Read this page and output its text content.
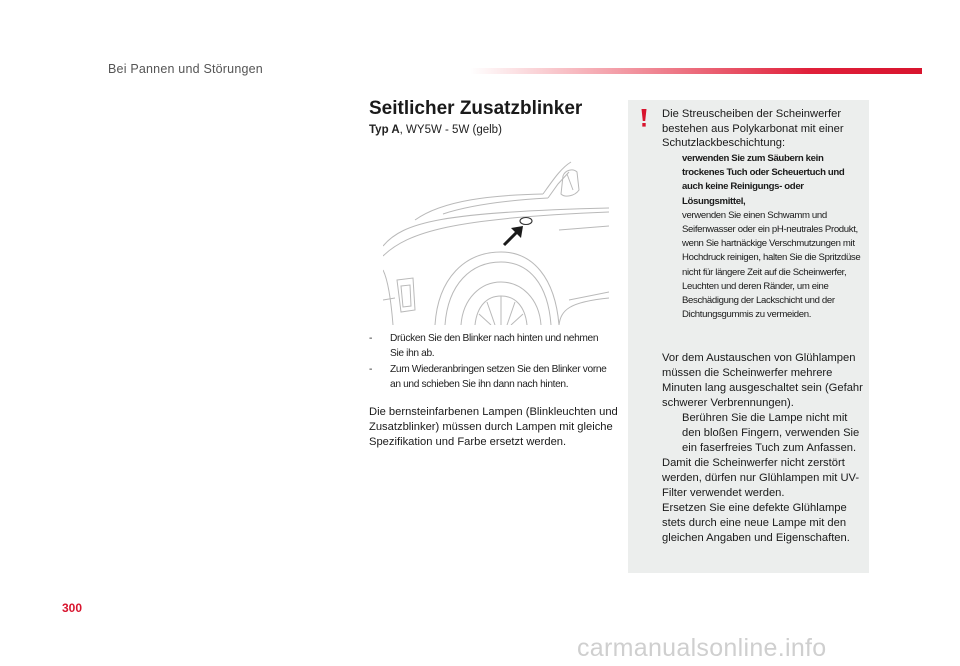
Bei Pannen und Störungen
Seitlicher Zusatzblinker
Typ A, WY5W - 5W (gelb)
- Drücken Sie den Blinker nach hinten und nehmen Sie ihn ab.
- Zum Wiederanbringen setzen Sie den Blinker vorne an und schieben Sie ihn dann nach hinten.
Die bernsteinfarbenen Lampen (Blinkleuchten und Zusatzblinker) müssen durch Lampen mit gleiche Spezifikation und Farbe ersetzt werden.
Die Streuscheiben der Scheinwerfer bestehen aus Polykarbonat mit einer Schutzlackbeschichtung:
verwenden Sie zum Säubern kein trockenes Tuch oder Scheuertuch und auch keine Reinigungs- oder Lösungsmittel,
verwenden Sie einen Schwamm und Seifenwasser oder ein pH-neutrales Produkt,
wenn Sie hartnäckige Verschmutzungen mit Hochdruck reinigen, halten Sie die Spritzdüse nicht für längere Zeit auf die Scheinwerfer, Leuchten und deren Ränder, um eine Beschädigung der Lackschicht und der Dichtungsgummis zu vermeiden.

Vor dem Austauschen von Glühlampen müssen die Scheinwerfer mehrere Minuten lang ausgeschaltet sein (Gefahr schwerer Verbrennungen).

Berühren Sie die Lampe nicht mit den bloßen Fingern, verwenden Sie ein faserfreies Tuch zum Anfassen.

Damit die Scheinwerfer nicht zerstört werden, dürfen nur Glühlampen mit UV-Filter verwendet werden.

Ersetzen Sie eine defekte Glühlampe stets durch eine neue Lampe mit den gleichen Angaben und Eigenschaften.

300
carmanualsonline.info
